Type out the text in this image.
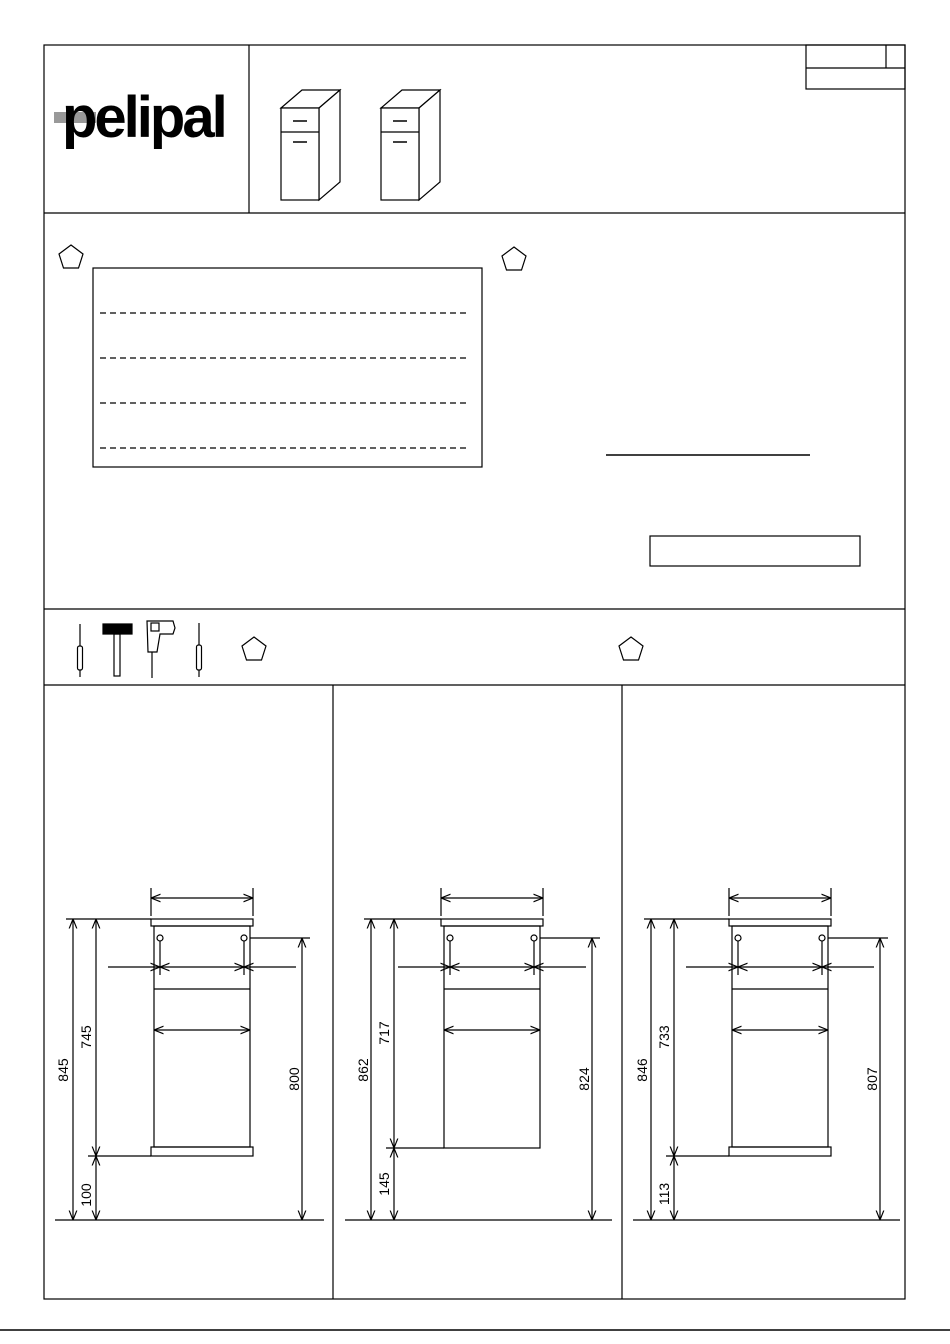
pelipal
845
745
100
800	862
717
145
824	846
733
113
807
